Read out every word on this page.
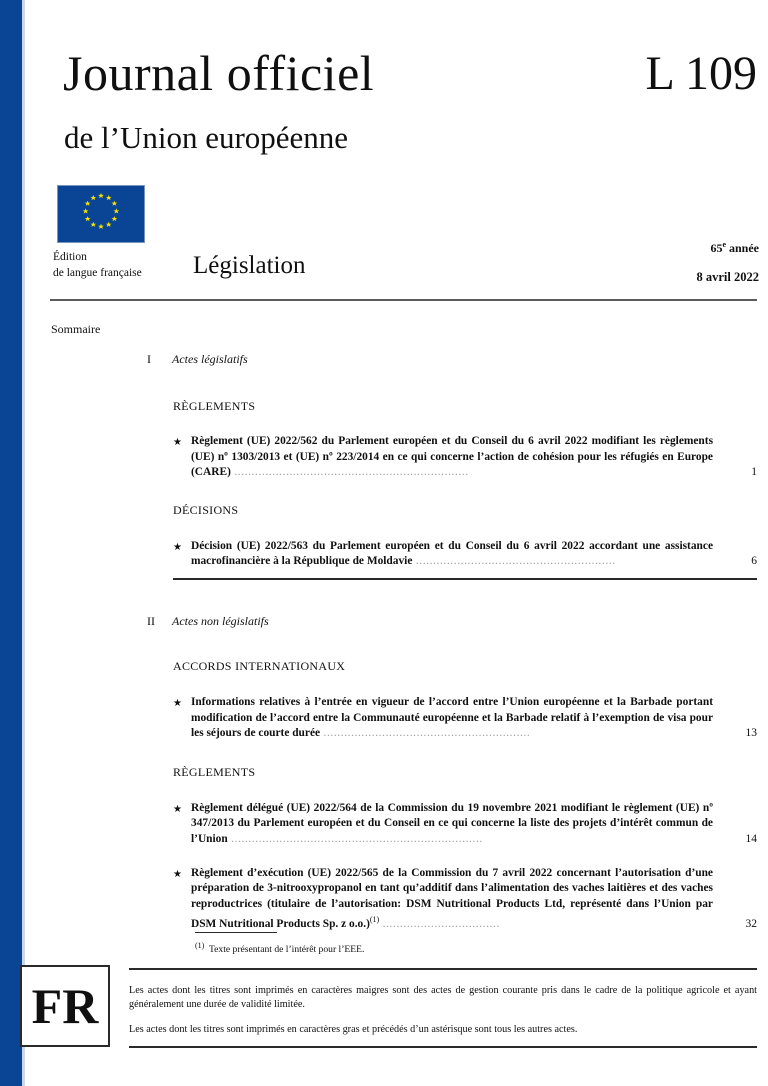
Journal officiel
de l’Union européenne
L 109
Édition
de langue française	Législation
65e année
8 avril 2022
Sommaire
I	Actes législatifs
RÈGLEMENTS
★ Règlement (UE) 2022/562 du Parlement européen et du Conseil du 6 avril 2022 modifiant les règlements (UE) nº 1303/2013 et (UE) nº 223/2014 en ce qui concerne l’action de cohésion pour les réfugiés en Europe (CARE) ....................................................................	1
DÉCISIONS
★ Décision (UE) 2022/563 du Parlement européen et du Conseil du 6 avril 2022 accordant une assistance macrofinancière à la République de Moldavie ..........................................................	6
II	Actes non législatifs
ACCORDS INTERNATIONAUX
★ Informations relatives à l’entrée en vigueur de l’accord entre l’Union européenne et la Barbade portant modification de l’accord entre la Communauté européenne et la Barbade relatif à l’exemption de visa pour les séjours de courte durée ............................................................	13
RÈGLEMENTS
★ Règlement délégué (UE) 2022/564 de la Commission du 19 novembre 2021 modifiant le règlement (UE) nº 347/2013 du Parlement européen et du Conseil en ce qui concerne la liste des projets d’intérêt commun de l’Union .........................................................................	14
★ Règlement d’exécution (UE) 2022/565 de la Commission du 7 avril 2022 concernant l’autorisation d’une préparation de 3-nitrooxypropanol en tant qu’additif dans l’alimentation des vaches laitières et des vaches reproductrices (titulaire de l’autorisation: DSM Nutritional Products Ltd, représenté dans l’Union par DSM Nutritional Products Sp. z o.o.)$^{(1)}$ ..................................	32
$^{(1)}$ Texte présentant de l’intérêt pour l’EEE.
FR	Les actes dont les titres sont imprimés en caractères maigres sont des actes de gestion courante pris dans le cadre de la politique agricole et ayant généralement une durée de validité limitée.

Les actes dont les titres sont imprimés en caractères gras et précédés d’un astérisque sont tous les autres actes.
